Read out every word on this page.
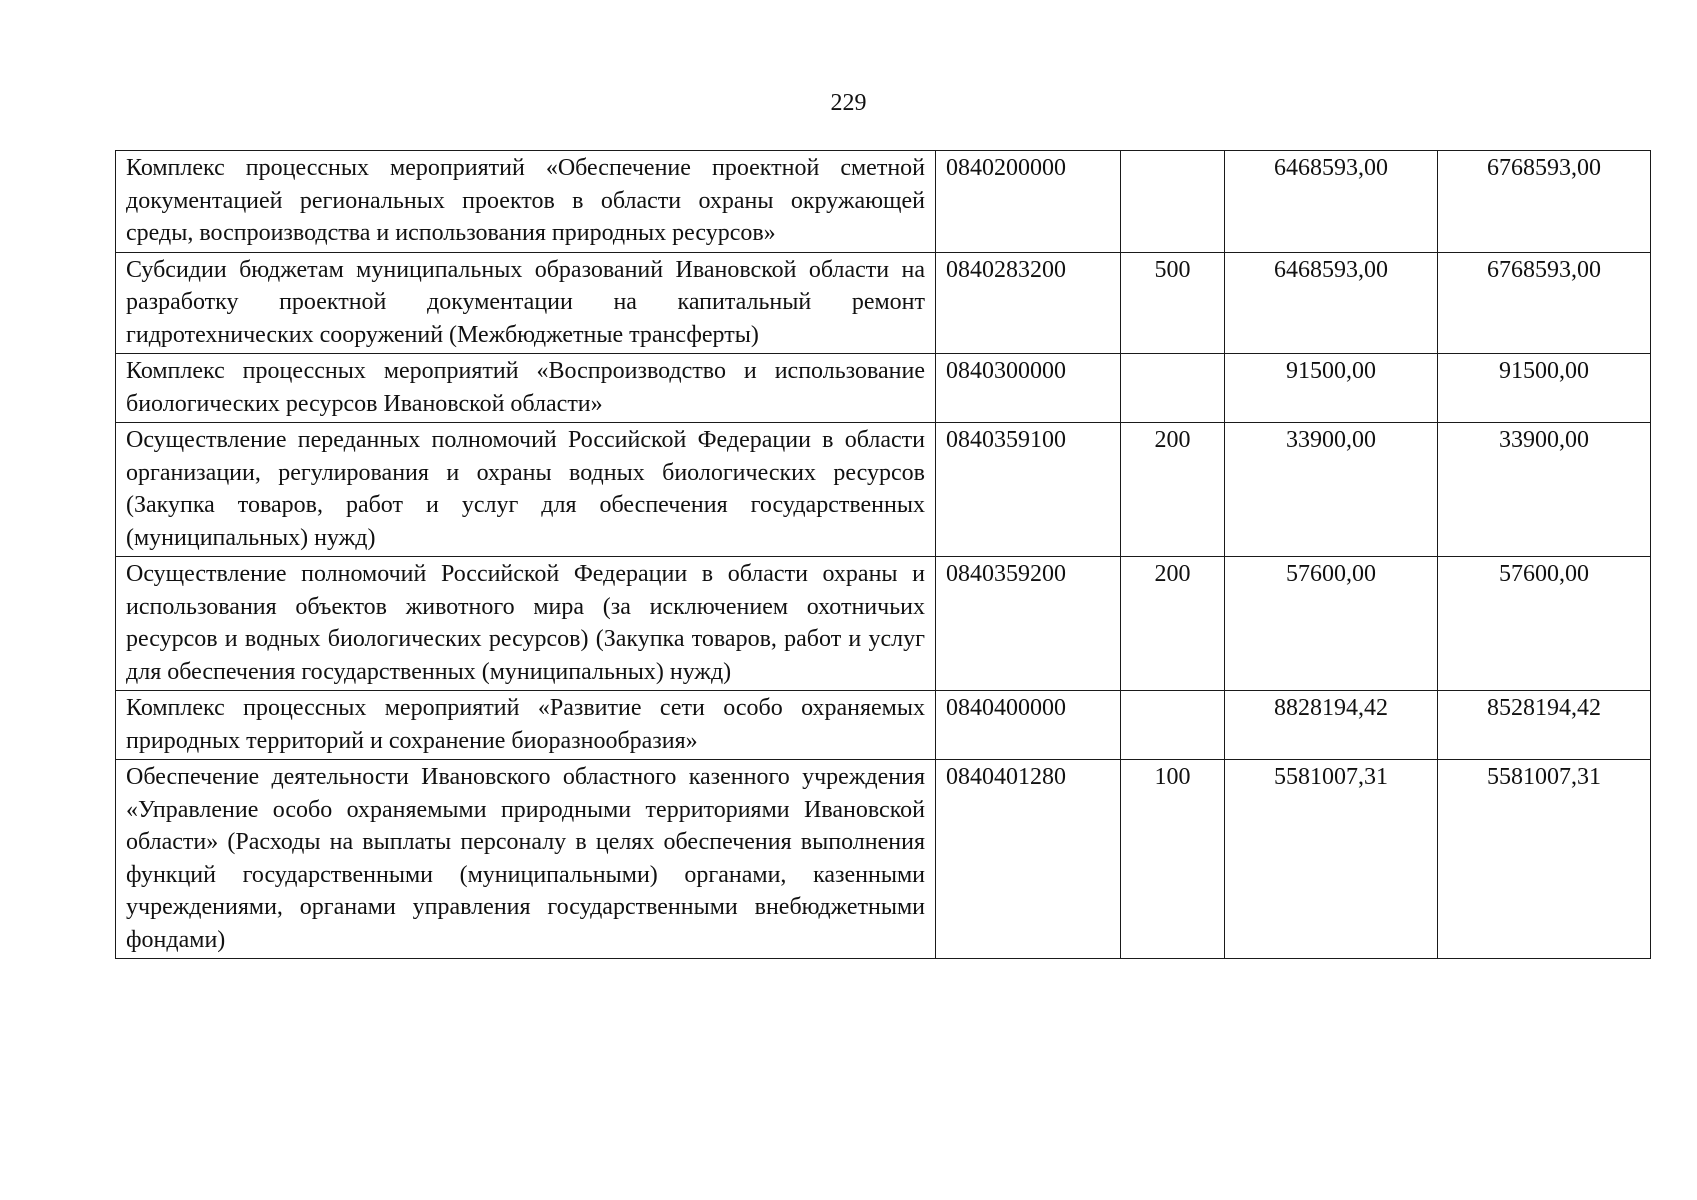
229
Комплекс процессных мероприятий «Обеспечение проектной сметной документацией региональных проектов в области охраны окружающей среды, воспроизводства и использования природных ресурсов»	0840200000		6468593,00	6768593,00
Субсидии бюджетам муниципальных образований Ивановской области на разработку проектной документации на капитальный ремонт гидротехнических сооружений (Межбюджетные трансферты)	0840283200	500	6468593,00	6768593,00
Комплекс процессных мероприятий «Воспроизводство и использование биологических ресурсов Ивановской области»	0840300000		91500,00	91500,00
Осуществление переданных полномочий Российской Федерации в области организации, регулирования и охраны водных биологических ресурсов (Закупка товаров, работ и услуг для обеспечения государственных (муниципальных) нужд)	0840359100	200	33900,00	33900,00
Осуществление полномочий Российской Федерации в области охраны и использования объектов животного мира (за исключением охотничьих ресурсов и водных биологических ресурсов) (Закупка товаров, работ и услуг для обеспечения государственных (муниципальных) нужд)	0840359200	200	57600,00	57600,00
Комплекс процессных мероприятий «Развитие сети особо охраняемых природных территорий и сохранение биоразнообразия»	0840400000		8828194,42	8528194,42
Обеспечение деятельности Ивановского областного казенного учреждения «Управление особо охраняемыми природными территориями Ивановской области» (Расходы на выплаты персоналу в целях обеспечения выполнения функций государственными (муниципальными) органами, казенными учреждениями, органами управления государственными внебюджетными фондами)	0840401280	100	5581007,31	5581007,31
